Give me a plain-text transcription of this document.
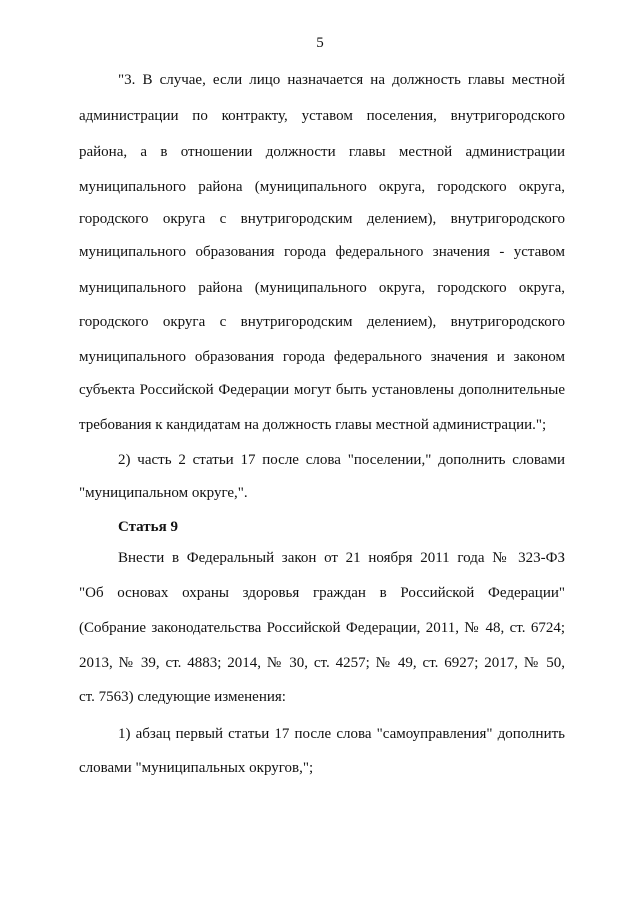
5
"3. В случае, если лицо назначается на должность главы местной
администрации по контракту, уставом поселения, внутригородского
района, а в отношении должности главы местной администрации
муниципального района (муниципального округа, городского округа,
городского округа с внутригородским делением), внутригородского
муниципального образования города федерального значения - уставом
муниципального района (муниципального округа, городского округа,
городского округа с внутригородским делением), внутригородского
муниципального образования города федерального значения и законом
субъекта Российской Федерации могут быть установлены дополнительные
требования к кандидатам на должность главы местной администрации.";
2) часть 2 статьи 17 после слова "поселении," дополнить словами
"муниципальном округе,".
Статья 9
Внести в Федеральный закон от 21 ноября 2011 года № 323-ФЗ
"Об основах охраны здоровья граждан в Российской Федерации"
(Собрание законодательства Российской Федерации, 2011, № 48, ст. 6724;
2013, № 39, ст. 4883; 2014, № 30, ст. 4257; № 49, ст. 6927; 2017, № 50,
ст. 7563) следующие изменения:
1) абзац первый статьи 17 после слова "самоуправления" дополнить
словами "муниципальных округов,";
